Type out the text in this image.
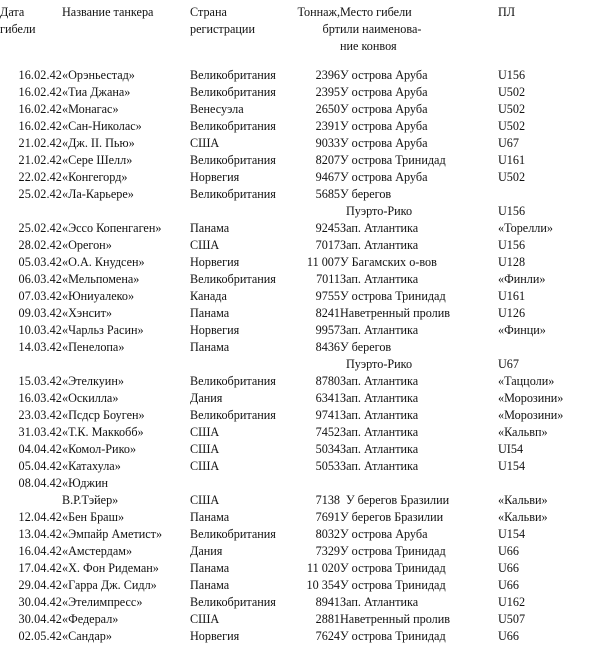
Дата	Название танкера	Страна	Тоннаж,	Место гибели	ПЛ
гибели		регистрации	брт	или наименова-	
				ние конвоя	

16.02.42	«Орэньестад»	Великобритания	2396	У острова Аруба	U156
16.02.42	«Тиа Джана»	Великобритания	2395	У острова Аруба	U502
16.02.42	«Монагас»	Венесуэла	2650	У острова Аруба	U502
16.02.42	«Сан-Николас»	Великобритания	2391	У острова Аруба	U502
21.02.42	«Дж. II. Пью»	США	9033	У острова Аруба	U67
21.02.42	«Сере Шелл»	Великобритания	8207	У острова Тринидад	U161
22.02.42	«Конгегорд»	Норвегия	9467	У острова Аруба	U502
25.02.42	«Ла-Карьере»	Великобритания	5685	У берегов	
				Пуэрто-Рико	U156
25.02.42	«Эссо Копенгаген»	Панама	9245	Зап. Атлантика	«Торелли»
28.02.42	«Орегон»	США	7017	Зап. Атлантика	U156
05.03.42	«О.А. Кнудсен»	Норвегия	11 007	У Багамских о-вов	U128
06.03.42	«Мельпомена»	Великобритания	7011	Зап. Атлантика	«Финли»
07.03.42	«Юниуалеко»	Канада	9755	У острова Тринидад	U161
09.03.42	«Хэнсит»	Панама	8241	Наветренный пролив	U126
10.03.42	«Чарльз Расин»	Норвегия	9957	Зап. Атлантика	«Финци»
14.03.42	«Пенелопа»	Панама	8436	У берегов	
				Пуэрто-Рико	U67
15.03.42	«Этелкуин»	Великобритания	8780	Зап. Атлантика	«Таццоли»
16.03.42	«Оскилла»	Дания	6341	Зап. Атлантика	«Морозини»
23.03.42	«Псдср Боуген»	Великобритания	9741	Зап. Атлантика	«Морозини»
31.03.42	«Т.К. Маккобб»	США	7452	Зап. Атлантика	«Кальвп»
04.04.42	«Комол-Рико»	США	5034	Зап. Атлантика	UI54
05.04.42	«Катахула»	США	5053	Зап. Атлантика	U154
08.04.42	«Юджин				
	В.Р.Тэйер»	США	7138	У берегов Бразилии	«Кальви»
12.04.42	«Бен Браш»	Панама	7691	У берегов Бразилии	«Кальви»
13.04.42	«Эмпайр Аметист»	Великобритания	8032	У острова Аруба	U154
16.04.42	«Амстердам»	Дания	7329	У острова Тринидад	U66
17.04.42	«Х. Фон Ридеман»	Панама	11 020	У острова Тринидад	U66
29.04.42	«Гарра Дж. Сидл»	Панама	10 354	У острова Тринидад	U66
30.04.42	«Этелимпресс»	Великобритания	8941	Зап. Атлантика	U162
30.04.42	«Федерал»	США	2881	Наветренный пролив	U507
02.05.42	«Сандар»	Норвегия	7624	У острова Тринидад	U66
